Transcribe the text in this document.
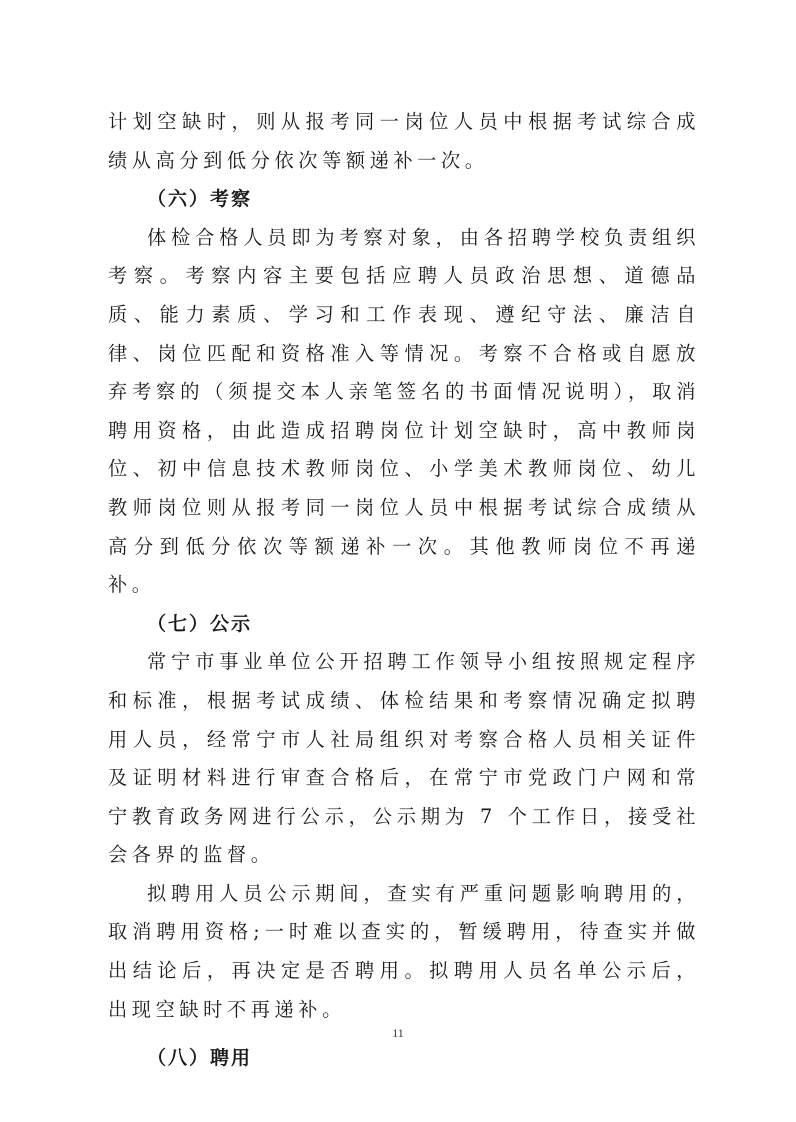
计划空缺时，则从报考同一岗位人员中根据考试综合成绩从高分到低分依次等额递补一次。

（六）考察

体检合格人员即为考察对象，由各招聘学校负责组织考察。考察内容主要包括应聘人员政治思想、道德品质、能力素质、学习和工作表现、遵纪守法、廉洁自律、岗位匹配和资格准入等情况。考察不合格或自愿放弃考察的（须提交本人亲笔签名的书面情况说明），取消聘用资格，由此造成招聘岗位计划空缺时，高中教师岗位、初中信息技术教师岗位、小学美术教师岗位、幼儿教师岗位则从报考同一岗位人员中根据考试综合成绩从高分到低分依次等额递补一次。其他教师岗位不再递补。

（七）公示

常宁市事业单位公开招聘工作领导小组按照规定程序和标准，根据考试成绩、体检结果和考察情况确定拟聘用人员，经常宁市人社局组织对考察合格人员相关证件及证明材料进行审查合格后，在常宁市党政门户网和常宁教育政务网进行公示，公示期为 7 个工作日，接受社会各界的监督。

拟聘用人员公示期间，查实有严重问题影响聘用的，取消聘用资格;一时难以查实的，暂缓聘用，待查实并做出结论后，再决定是否聘用。拟聘用人员名单公示后，出现空缺时不再递补。

（八）聘用

11
